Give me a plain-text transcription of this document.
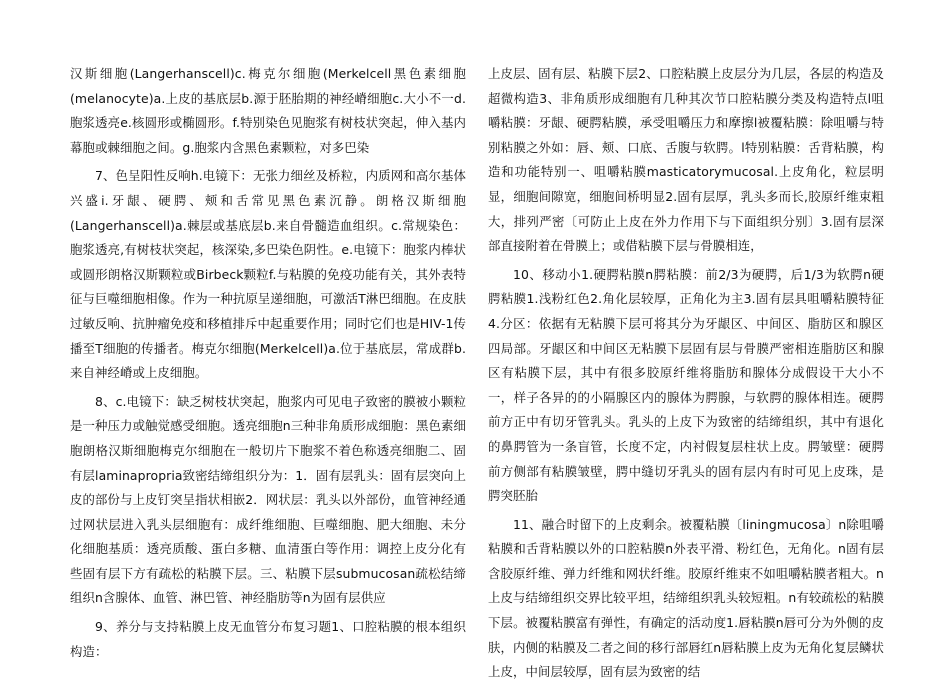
汉斯细胞(Langerhanscell)c.梅克尔细胞(Merkelcell黑色素细胞(melanocyte)a.上皮的基底层b.源于胚胎期的神经嵴细胞c.大小不一d.胞浆透亮e.核圆形或椭圆形。f.特别染色见胞浆有树枝状突起，伸入基内幕胞或棘细胞之间。g.胞浆内含黑色素颗粒，对多巴染

7、色呈阳性反响h.电镜下：无张力细丝及桥粒，内质网和高尔基体兴盛i.牙龈、硬腭、颊和舌常见黑色素沉静。朗格汉斯细胞(Langerhanscell)a.棘层或基底层b.来自骨髓造血组织。c.常规染色：胞浆透亮,有树枝状突起，核深染,多巴染色阴性。e.电镜下：胞浆内棒状或圆形朗格汉斯颗粒或Birbeck颗粒f.与粘膜的免疫功能有关，其外表特征与巨噬细胞相像。作为一种抗原呈递细胞，可激活T淋巴细胞。在皮肤过敏反响、抗肿瘤免疫和移植排斥中起重要作用；同时它们也是HIV-1传播至T细胞的传播者。梅克尔细胞(Merkelcell)a.位于基底层，常成群b.来自神经嵴或上皮细胞。

8、c.电镜下：缺乏树枝状突起，胞浆内可见电子致密的膜被小颗粒是一种压力或触觉感受细胞。透亮细胞n三种非角质形成细胞：黑色素细胞朗格汉斯细胞梅克尔细胞在一般切片下胞浆不着色称透亮细胞二、固有层laminapropria致密结缔组织分为：1．固有层乳头：固有层突向上皮的部份与上皮钉突呈指状相嵌2．网状层：乳头以外部份，血管神经通过网状层进入乳头层细胞有：成纤维细胞、巨噬细胞、肥大细胞、未分化细胞基质：透亮质酸、蛋白多糖、血清蛋白等作用：调控上皮分化有些固有层下方有疏松的粘膜下层。三、粘膜下层submucosan疏松结缔组织n含腺体、血管、淋巴管、神经脂肪等n为固有层供应

9、养分与支持粘膜上皮无血管分布复习题1、口腔粘膜的根本组织构造：

上皮层、固有层、粘膜下层2、口腔粘膜上皮层分为几层，各层的构造及超微构造3、非角质形成细胞有几种其次节口腔粘膜分类及构造特点l咀嚼粘膜：牙龈、硬腭粘膜，承受咀嚼压力和摩擦l被覆粘膜：除咀嚼与特别粘膜之外如：唇、颊、口底、舌腹与软腭。l特别粘膜：舌背粘膜，构造和功能特别一、咀嚼粘膜masticatorymucosal.上皮角化，粒层明显，细胞间隙宽，细胞间桥明显2.固有层厚，乳头多而长,胶原纤维束粗大，排列严密〔可防止上皮在外力作用下与下面组织分别〕3.固有层深部直接附着在骨膜上；或借粘膜下层与骨膜相连，

10、移动小1.硬腭粘膜n腭粘膜：前2/3为硬腭，后1/3为软腭n硬腭粘膜1.浅粉红色2.角化层较厚，正角化为主3.固有层具咀嚼粘膜特征4.分区：依据有无粘膜下层可将其分为牙龈区、中间区、脂肪区和腺区四局部。牙龈区和中间区无粘膜下层固有层与骨膜严密相连脂肪区和腺区有粘膜下层，其中有很多胶原纤维将脂肪和腺体分成假设干大小不一，样子各异的的小隔腺区内的腺体为腭腺，与软腭的腺体相连。硬腭前方正中有切牙管乳头。乳头的上皮下为致密的结缔组织，其中有退化的鼻腭管为一条盲管，长度不定，内衬假复层柱状上皮。腭皱壁：硬腭前方侧部有粘膜皱壁，腭中缝切牙乳头的固有层内有时可见上皮珠，是腭突胚胎

11、融合时留下的上皮剩余。被覆粘膜〔liningmucosa〕n除咀嚼粘膜和舌背粘膜以外的口腔粘膜n外表平滑、粉红色，无角化。n固有层含胶原纤维、弹力纤维和网状纤维。胶原纤维束不如咀嚼粘膜者粗大。n上皮与结缔组织交界比较平坦，结缔组织乳头较短粗。n有较疏松的粘膜下层。被覆粘膜富有弹性，有确定的活动度1.唇粘膜n唇可分为外侧的皮肤，内侧的粘膜及二者之间的移行部唇红n唇粘膜上皮为无角化复层鳞状上皮，中间层较厚，固有层为致密的结
